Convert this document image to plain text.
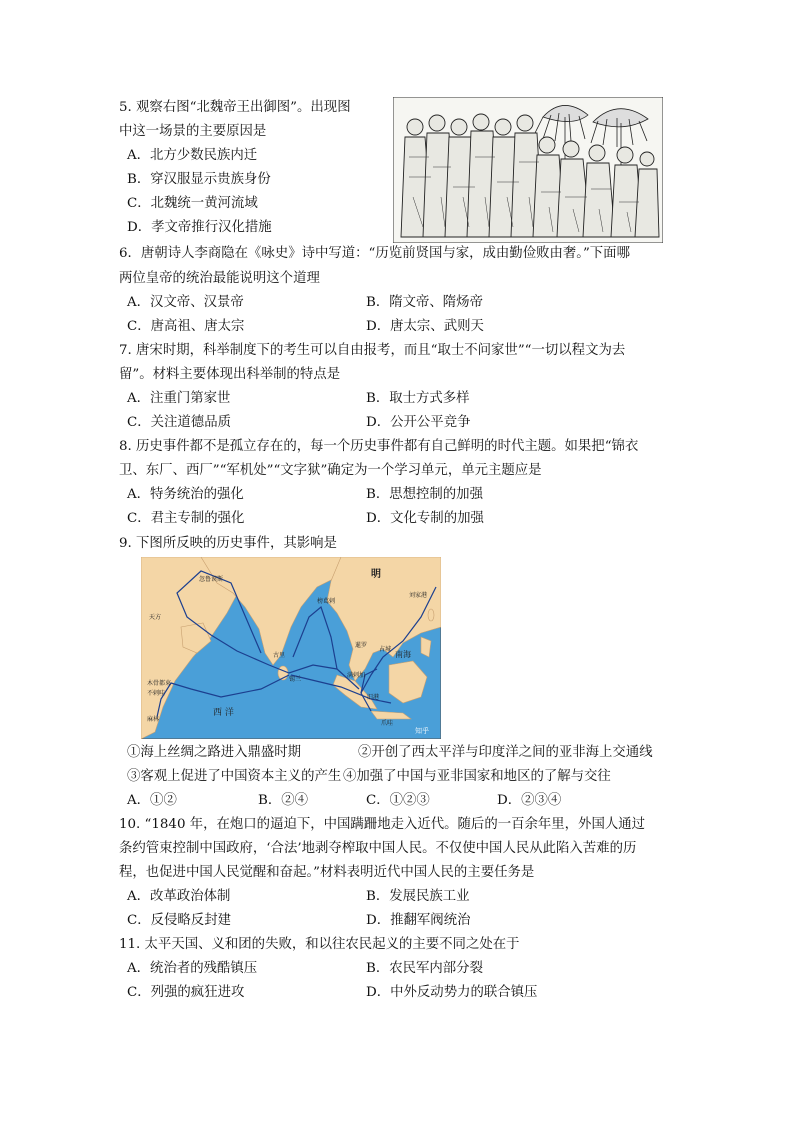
5. 观察右图“北魏帝王出御图”。出现图
中这一场景的主要原因是
A．北方少数民族内迁
B．穿汉服显示贵族身份
C．北魏统一黄河流域
D．孝文帝推行汉化措施
6．唐朝诗人李商隐在《咏史》诗中写道：“历览前贤国与家，成由勤俭败由奢。”下面哪
两位皇帝的统治最能说明这个道理
A．汉文帝、汉景帝	B．隋文帝、隋炀帝
C．唐高祖、唐太宗	D．唐太宗、武则天
7. 唐宋时期，科举制度下的考生可以自由报考，而且“取士不问家世”“一切以程文为去
留”。材料主要体现出科举制的特点是
A．注重门第家世	B．取士方式多样
C．关注道德品质	D．公开公平竞争
8. 历史事件都不是孤立存在的，每一个历史事件都有自己鲜明的时代主题。如果把“锦衣
卫、东厂、西厂”“军机处”“文字狱”确定为一个学习单元，单元主题应是
A．特务统治的强化	B．思想控制的加强
C．君主专制的强化	D．文化专制的加强
9. 下图所反映的历史事件，其影响是
明
南海
西 洋
古里
锡兰
榜葛剌
暹罗
占城
满剌加
旧港
爪哇
木骨都束
不剌哇
麻林
天方
忽鲁谟斯
刘家港
知乎
①海上丝绸之路进入鼎盛时期	②开创了西太平洋与印度洋之间的亚非海上交通线
③客观上促进了中国资本主义的产生 ④加强了中国与亚非国家和地区的了解与交往
A．①②	B．②④	C．①②③	D．②③④
10. “1840 年，在炮口的逼迫下，中国蹒跚地走入近代。随后的一百余年里，外国人通过
条约管束控制中国政府，‘合法’地剥夺榨取中国人民。不仅使中国人民从此陷入苦难的历
程，也促进中国人民觉醒和奋起。”材料表明近代中国人民的主要任务是
A．改革政治体制	B．发展民族工业
C．反侵略反封建	D．推翻军阀统治
11. 太平天国、义和团的失败，和以往农民起义的主要不同之处在于
A．统治者的残酷镇压	B．农民军内部分裂
C．列强的疯狂进攻	D．中外反动势力的联合镇压
